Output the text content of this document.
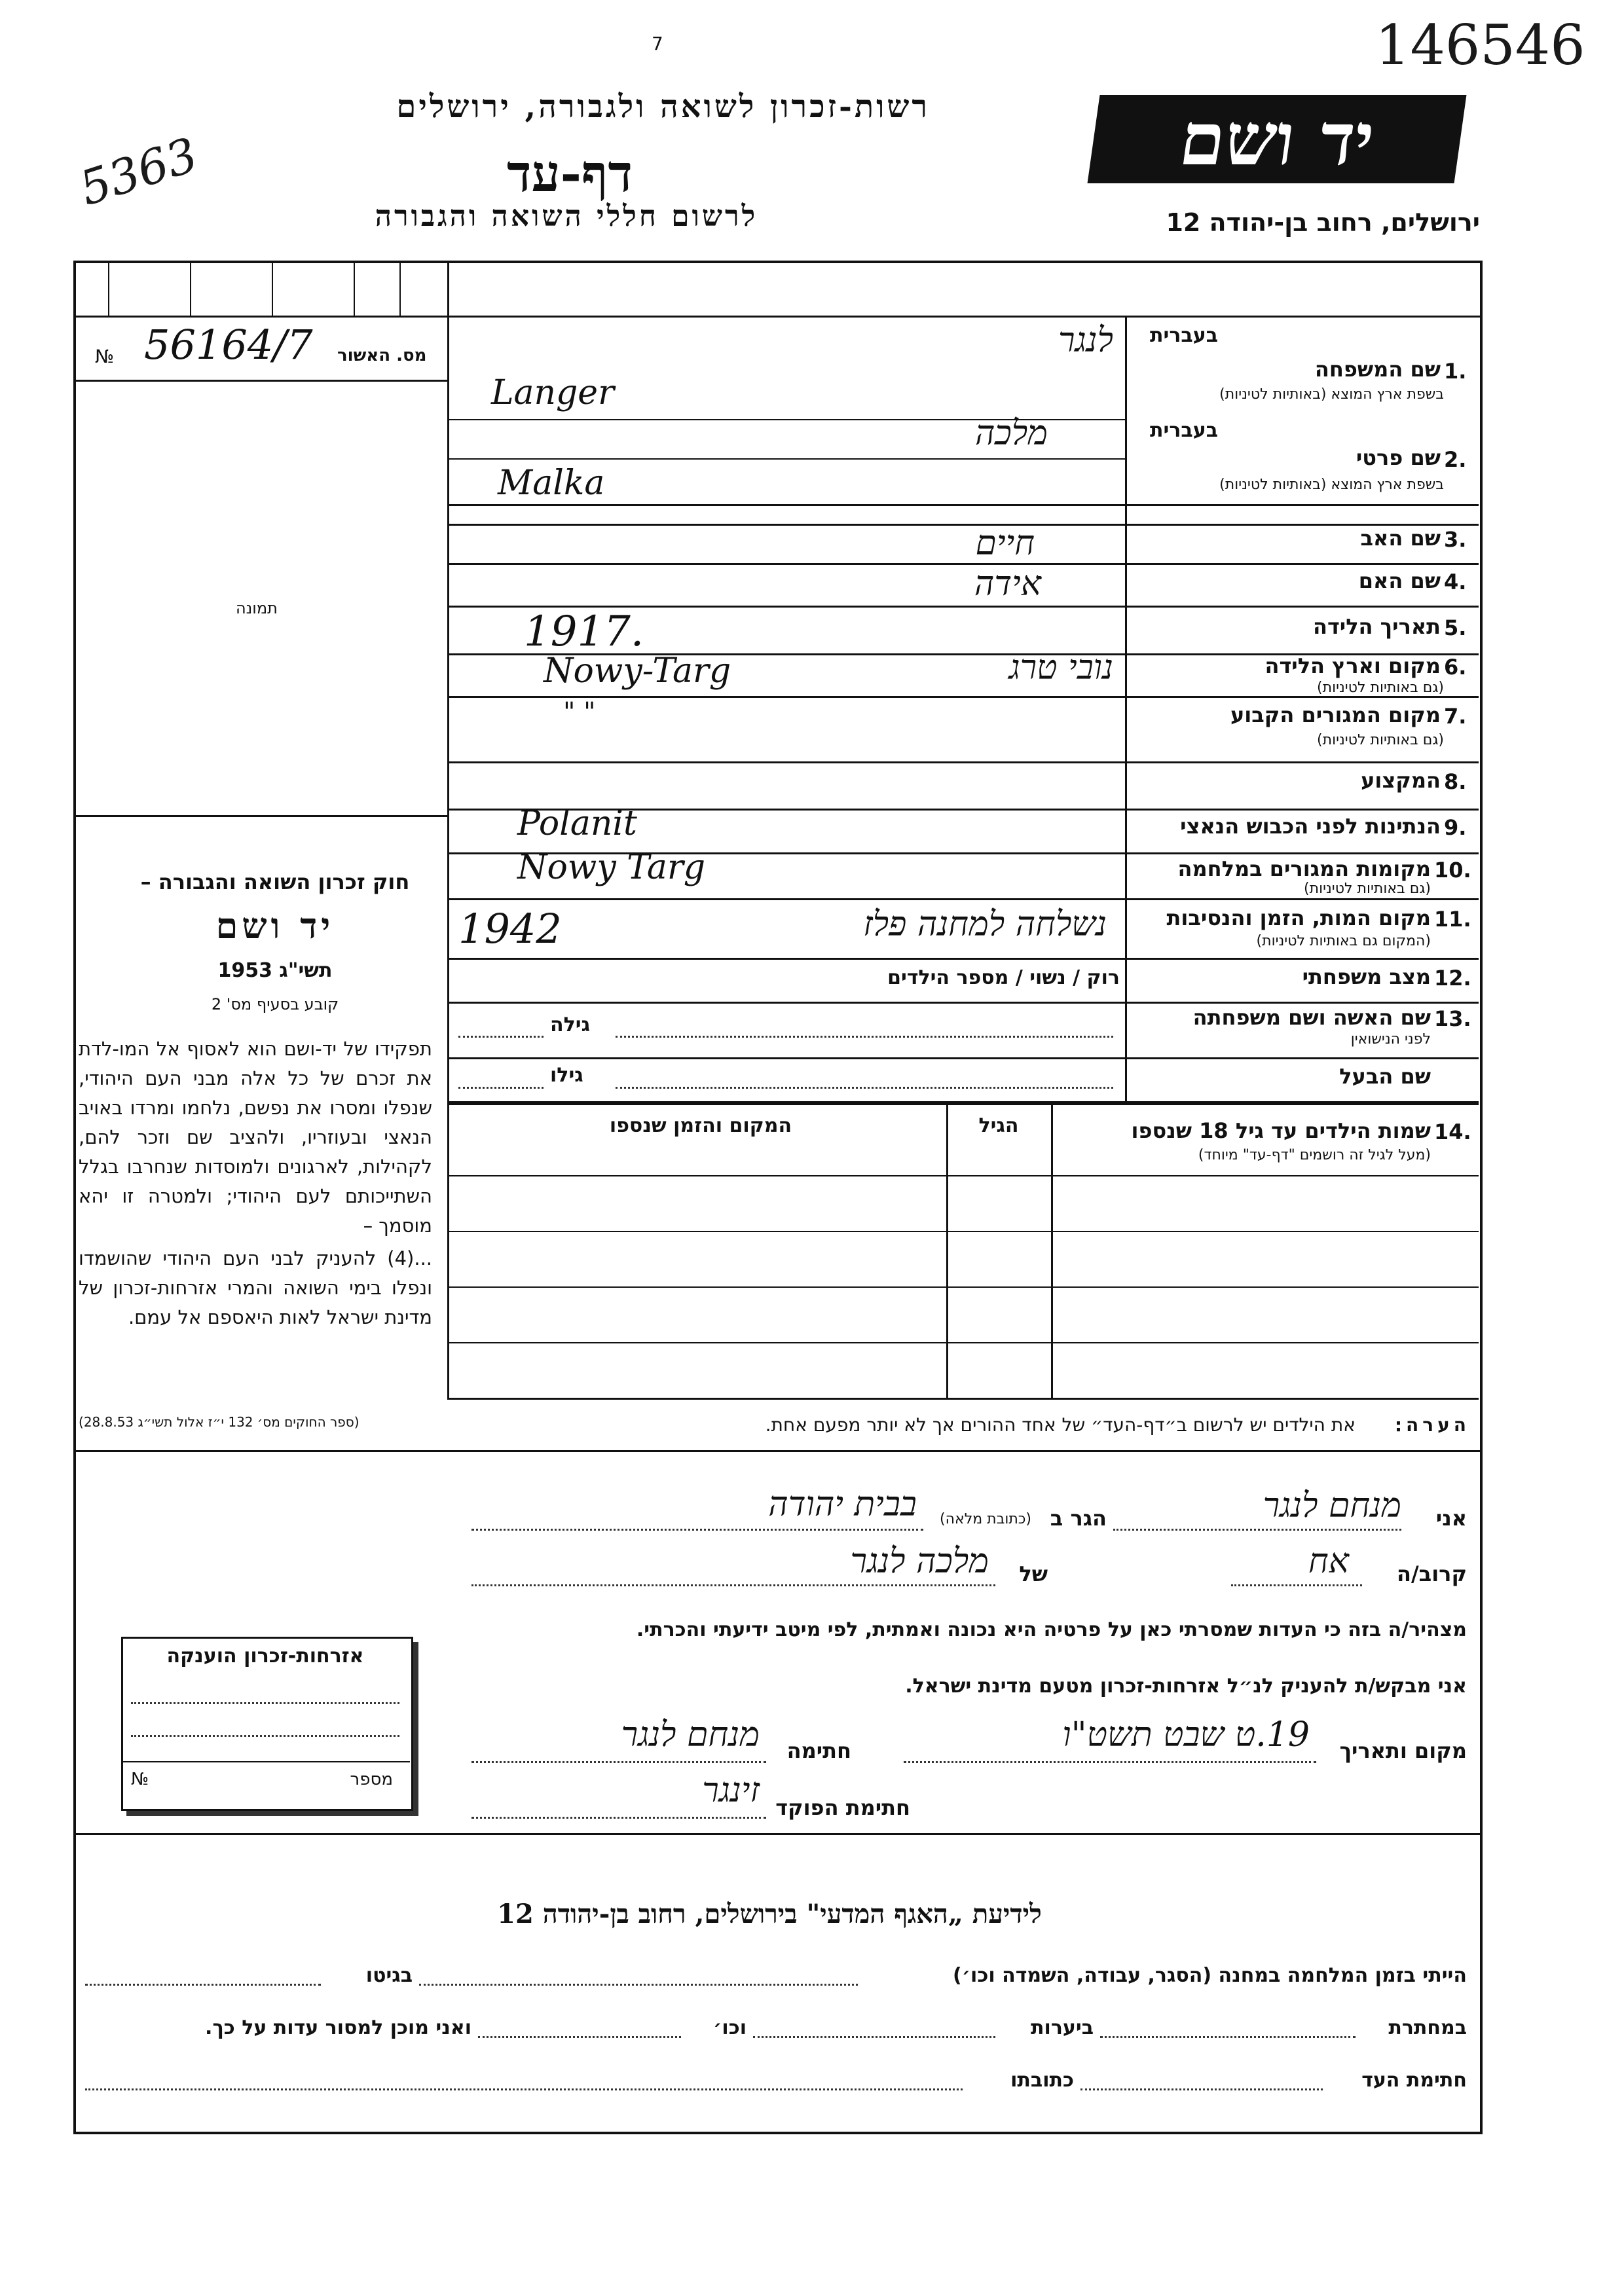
146546
5363
7
יד ושם
רשות-זכרון לשואה ולגבורה, ירושלים
דף-עד
לרשום חללי השואה והגבורה	ירושלים, רחוב בן-יהודה 12
№ 56164/7 מס. האשור
תמונה
חוק זכרון השואה והגבורה –
יד ושם
תשי"ג 1953
קובע בסעיף מס' 2
תפקידו של יד-ושם הוא לאסוף אל המו-לדת את זכרם של כל אלה מבני העם היהודי, שנפלו ומסרו את נפשם, נלחמו ומרדו באויב הנאצי ובעוזריו, ולהציב שם וזכר להם, לקהילות, לארגונים ולמוסדות שנחרבו בגלל השתייכותם לעם היהודי; ולמטרה זו יהא מוסמך –
...(4) להעניק לבני העם היהודי שהושמדו ונפלו בימי השואה והמרי אזרחות-זכרון של מדינת ישראל לאות היאספם אל עמם.
(ספר החוקים מס׳ 132 י״ז אלול תשי״ג 28.8.53)
1.
שם המשפחה
בעברית
בשפת ארץ המוצא (באותיות לטיניות)
לנגר
Langer
2.
שם פרטי
בעברית
בשפת ארץ המוצא (באותיות לטיניות)
מלכה
Malka
3.
שם האב
חיים
4.
שם האם
אידה
5.
תאריך הלידה
1917.
6.
מקום וארץ הלידה
(גם באותיות לטיניות)
נובי טרג
Nowy-Targ
7.
מקום המגורים הקבוע
(גם באותיות לטיניות)
" "
8.
המקצוע
9.
הנתינות לפני הכבוש הנאצי
Polanit
10.
מקומות המגורים במלחמה
(גם באותיות לטיניות)
Nowy Targ
11.
מקום המות, הזמן והנסיבות
(המקום גם באותיות לטיניות)
1942	נשלחה למחנה פלז
12.
מצב משפחתי
רוק / נשוי / מספר הילדים
13.
שם האשה ושם משפחתה
לפני הנישואין
גילה
שם הבעל
גילו
14.
שמות הילדים עד גיל 18 שנספו
(מעל לגיל זה רושמים "דף-עד" מיוחד)
הגיל
המקום והזמן שנספו
הערה:
את הילדים יש לרשום ב״דף-העד״ של אחד ההורים אך לא יותר מפעם אחת.
אני
מנחם לנגר
הגר ב
(כתובת מלאה)
בבית יהודה
קרוב/ה
אח
של
מלכה לנגר
מצהיר/ה בזה כי העדות שמסרתי כאן על פרטיה היא נכונה ואמתית, לפי מיטב ידיעתי והכרתי.
אני מבקש/ת להעניק לנ״ל אזרחות-זכרון מטעם מדינת ישראל.
מקום ותאריך
19.ט שבט תשט"ו
חתימה
מנחם לנגר
חתימת הפוקד
זינגר
אזרחות-זכרון הוענקה
מספר
№
לידיעת „האגף המדעי" בירושלים, רחוב בן-יהודה 12
הייתי בזמן המלחמה במחנה (הסגר, עבודה, השמדה וכו׳)
בגיטו
במחתרת
ביערות
וכו׳
ואני מוכן למסור עדות על כך.
חתימת העד
כתובתו
